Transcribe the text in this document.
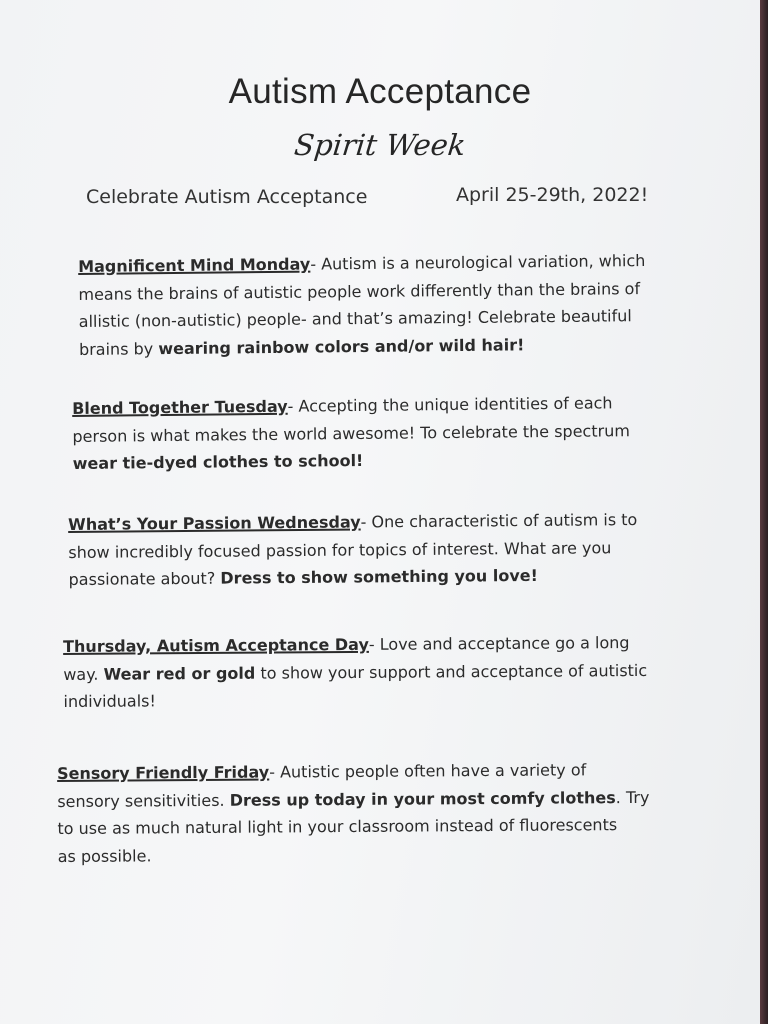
Autism Acceptance
Spirit Week
Celebrate Autism Acceptance	April 25-29th, 2022!
Magnificent Mind Monday- Autism is a neurological variation, which
means the brains of autistic people work differently than the brains of
allistic (non-autistic) people- and that’s amazing! Celebrate beautiful
brains by wearing rainbow colors and/or wild hair!
Blend Together Tuesday- Accepting the unique identities of each
person is what makes the world awesome! To celebrate the spectrum
wear tie-dyed clothes to school!
What’s Your Passion Wednesday- One characteristic of autism is to
show incredibly focused passion for topics of interest. What are you
passionate about? Dress to show something you love!
Thursday, Autism Acceptance Day- Love and acceptance go a long
way. Wear red or gold to show your support and acceptance of autistic
individuals!
Sensory Friendly Friday- Autistic people often have a variety of
sensory sensitivities. Dress up today in your most comfy clothes. Try
to use as much natural light in your classroom instead of fluorescents
as possible.
